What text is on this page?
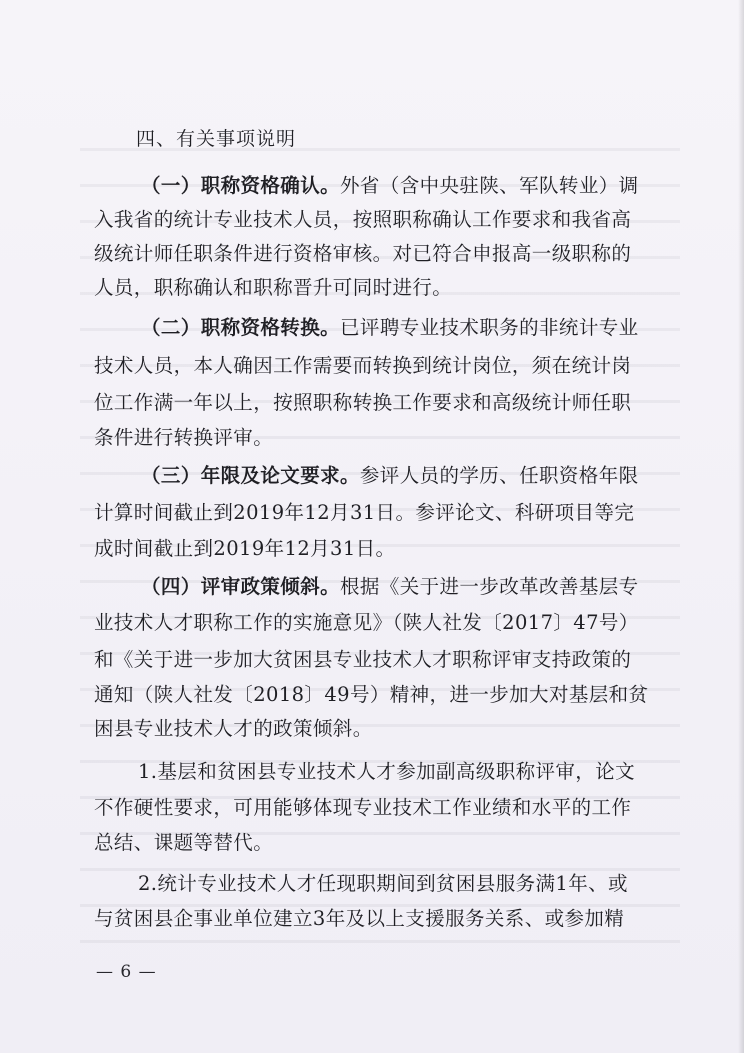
四、有关事项说明
（一）职称资格确认。外省（含中央驻陕、军队转业）调
入我省的统计专业技术人员，按照职称确认工作要求和我省高
级统计师任职条件进行资格审核。对已符合申报高一级职称的
人员，职称确认和职称晋升可同时进行。
（二）职称资格转换。已评聘专业技术职务的非统计专业
技术人员，本人确因工作需要而转换到统计岗位，须在统计岗
位工作满一年以上，按照职称转换工作要求和高级统计师任职
条件进行转换评审。
（三）年限及论文要求。参评人员的学历、任职资格年限
计算时间截止到2019年12月31日。参评论文、科研项目等完
成时间截止到2019年12月31日。
（四）评审政策倾斜。根据《关于进一步改革改善基层专
业技术人才职称工作的实施意见》（陕人社发〔2017〕47号）
和《关于进一步加大贫困县专业技术人才职称评审支持政策的
通知（陕人社发〔2018〕49号）精神，进一步加大对基层和贫
困县专业技术人才的政策倾斜。
1.基层和贫困县专业技术人才参加副高级职称评审，论文
不作硬性要求，可用能够体现专业技术工作业绩和水平的工作
总结、课题等替代。
2.统计专业技术人才任现职期间到贫困县服务满1年、或
与贫困县企事业单位建立3年及以上支援服务关系、或参加精
— 6 —
